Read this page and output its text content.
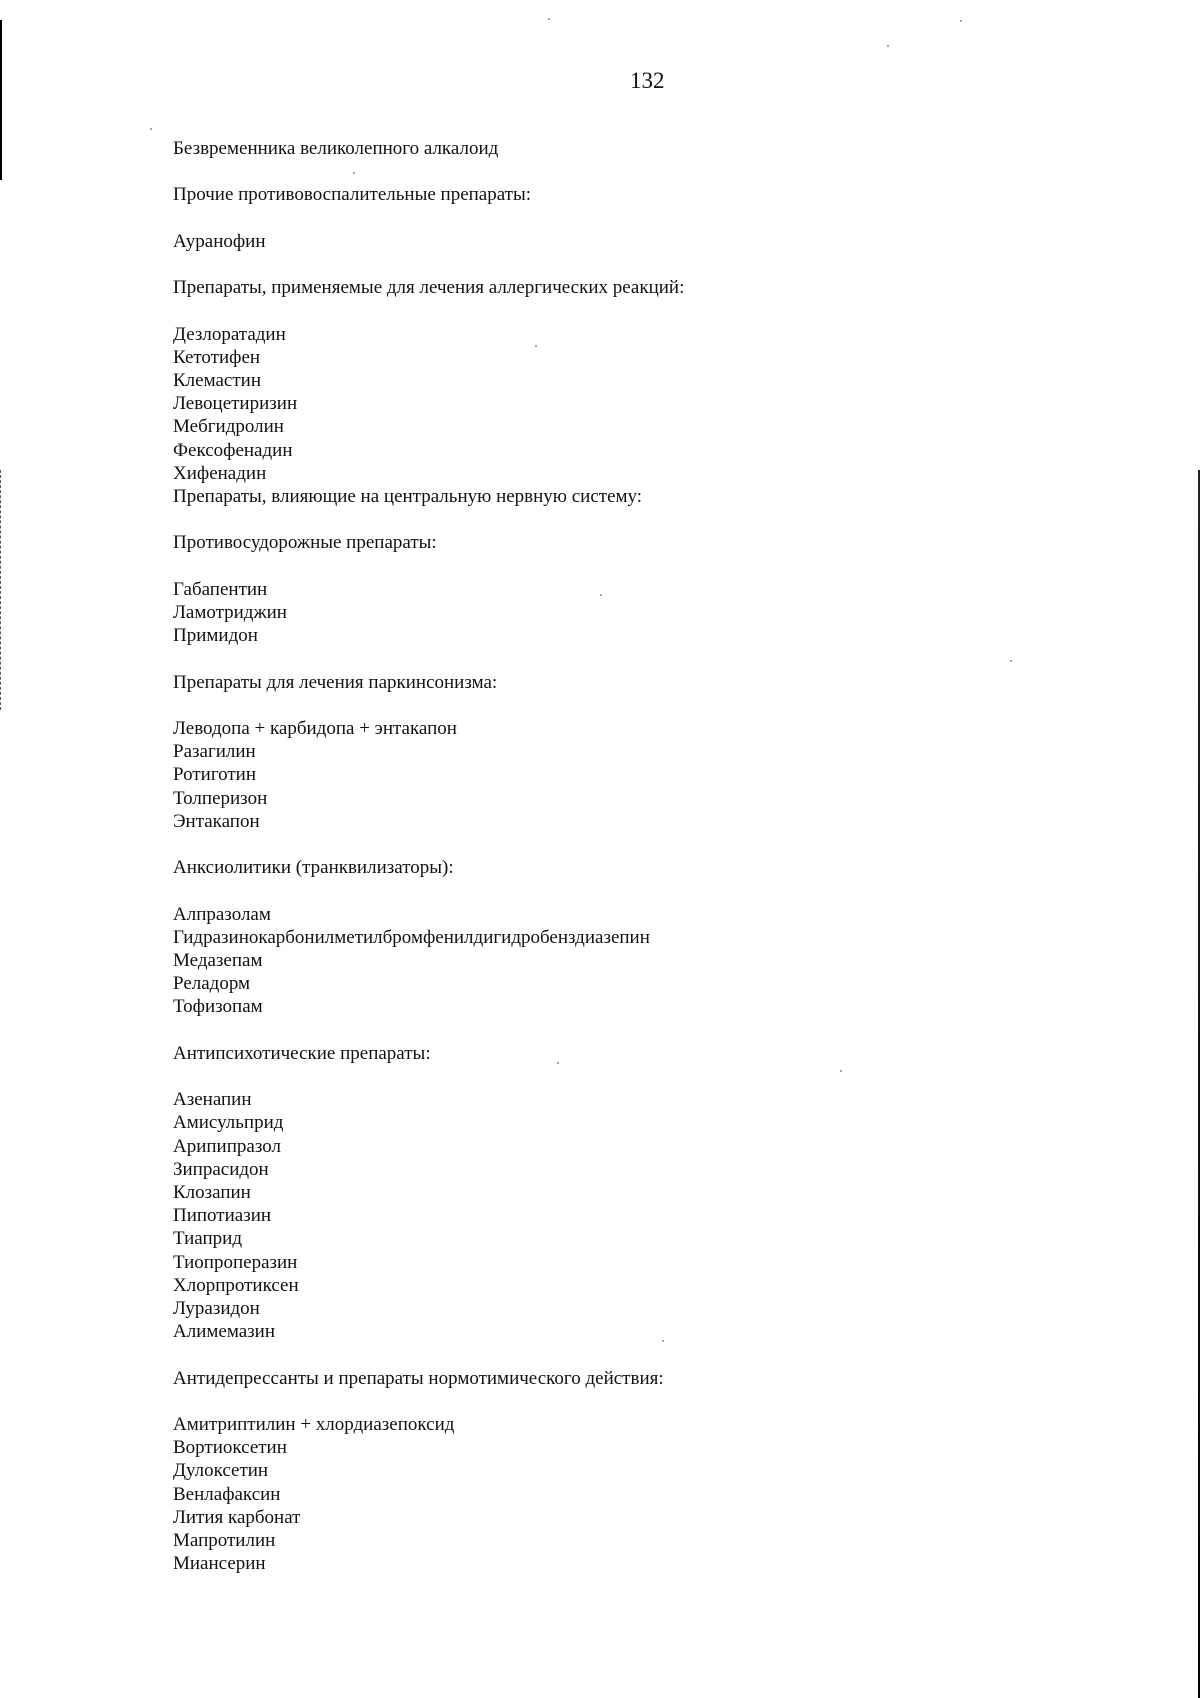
132
Безвременника великолепного алкалоид
Прочие противовоспалительные препараты:
Ауранофин
Препараты, применяемые для лечения аллергических реакций:
Дезлоратадин
Кетотифен
Клемастин
Левоцетиризин
Мебгидролин
Фексофенадин
Хифенадин
Препараты, влияющие на центральную нервную систему:
Противосудорожные препараты:
Габапентин
Ламотриджин
Примидон
Препараты для лечения паркинсонизма:
Леводопа + карбидопа + энтакапон
Разагилин
Ротиготин
Толперизон
Энтакапон
Анксиолитики (транквилизаторы):
Алпразолам
Гидразинокарбонилметилбромфенилдигидробенздиазепин
Медазепам
Реладорм
Тофизопам
Антипсихотические препараты:
Азенапин
Амисульприд
Арипипразол
Зипрасидон
Клозапин
Пипотиазин
Тиаприд
Тиопроперазин
Хлорпротиксен
Луразидон
Алимемазин
Антидепрессанты и препараты нормотимического действия:
Амитриптилин + хлордиазепоксид
Вортиоксетин
Дулоксетин
Венлафаксин
Лития карбонат
Мапротилин
Миансерин
